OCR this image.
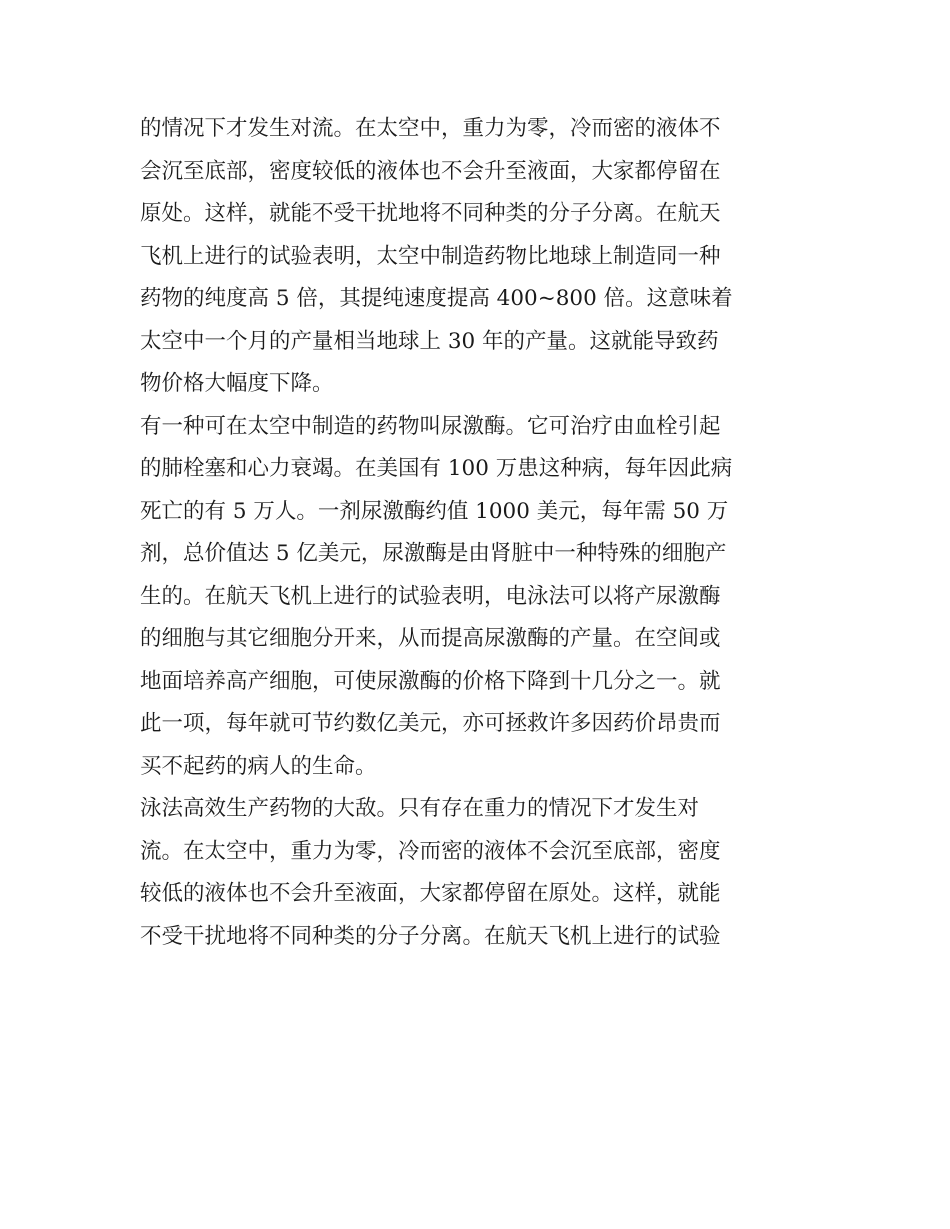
的情况下才发生对流。在太空中，重力为零，冷而密的液体不
会沉至底部，密度较低的液体也不会升至液面，大家都停留在
原处。这样，就能不受干扰地将不同种类的分子分离。在航天
飞机上进行的试验表明，太空中制造药物比地球上制造同一种
药物的纯度高 5 倍，其提纯速度提高 400~800 倍。这意味着
太空中一个月的产量相当地球上 30 年的产量。这就能导致药
物价格大幅度下降。
有一种可在太空中制造的药物叫尿激酶。它可治疗由血栓引起
的肺栓塞和心力衰竭。在美国有 100 万患这种病，每年因此病
死亡的有 5 万人。一剂尿激酶约值 1000 美元，每年需 50 万
剂，总价值达 5 亿美元，尿激酶是由肾脏中一种特殊的细胞产
生的。在航天飞机上进行的试验表明，电泳法可以将产尿激酶
的细胞与其它细胞分开来，从而提高尿激酶的产量。在空间或
地面培养高产细胞，可使尿激酶的价格下降到十几分之一。就
此一项，每年就可节约数亿美元，亦可拯救许多因药价昂贵而
买不起药的病人的生命。
泳法高效生产药物的大敌。只有存在重力的情况下才发生对
流。在太空中，重力为零，冷而密的液体不会沉至底部，密度
较低的液体也不会升至液面，大家都停留在原处。这样，就能
不受干扰地将不同种类的分子分离。在航天飞机上进行的试验
